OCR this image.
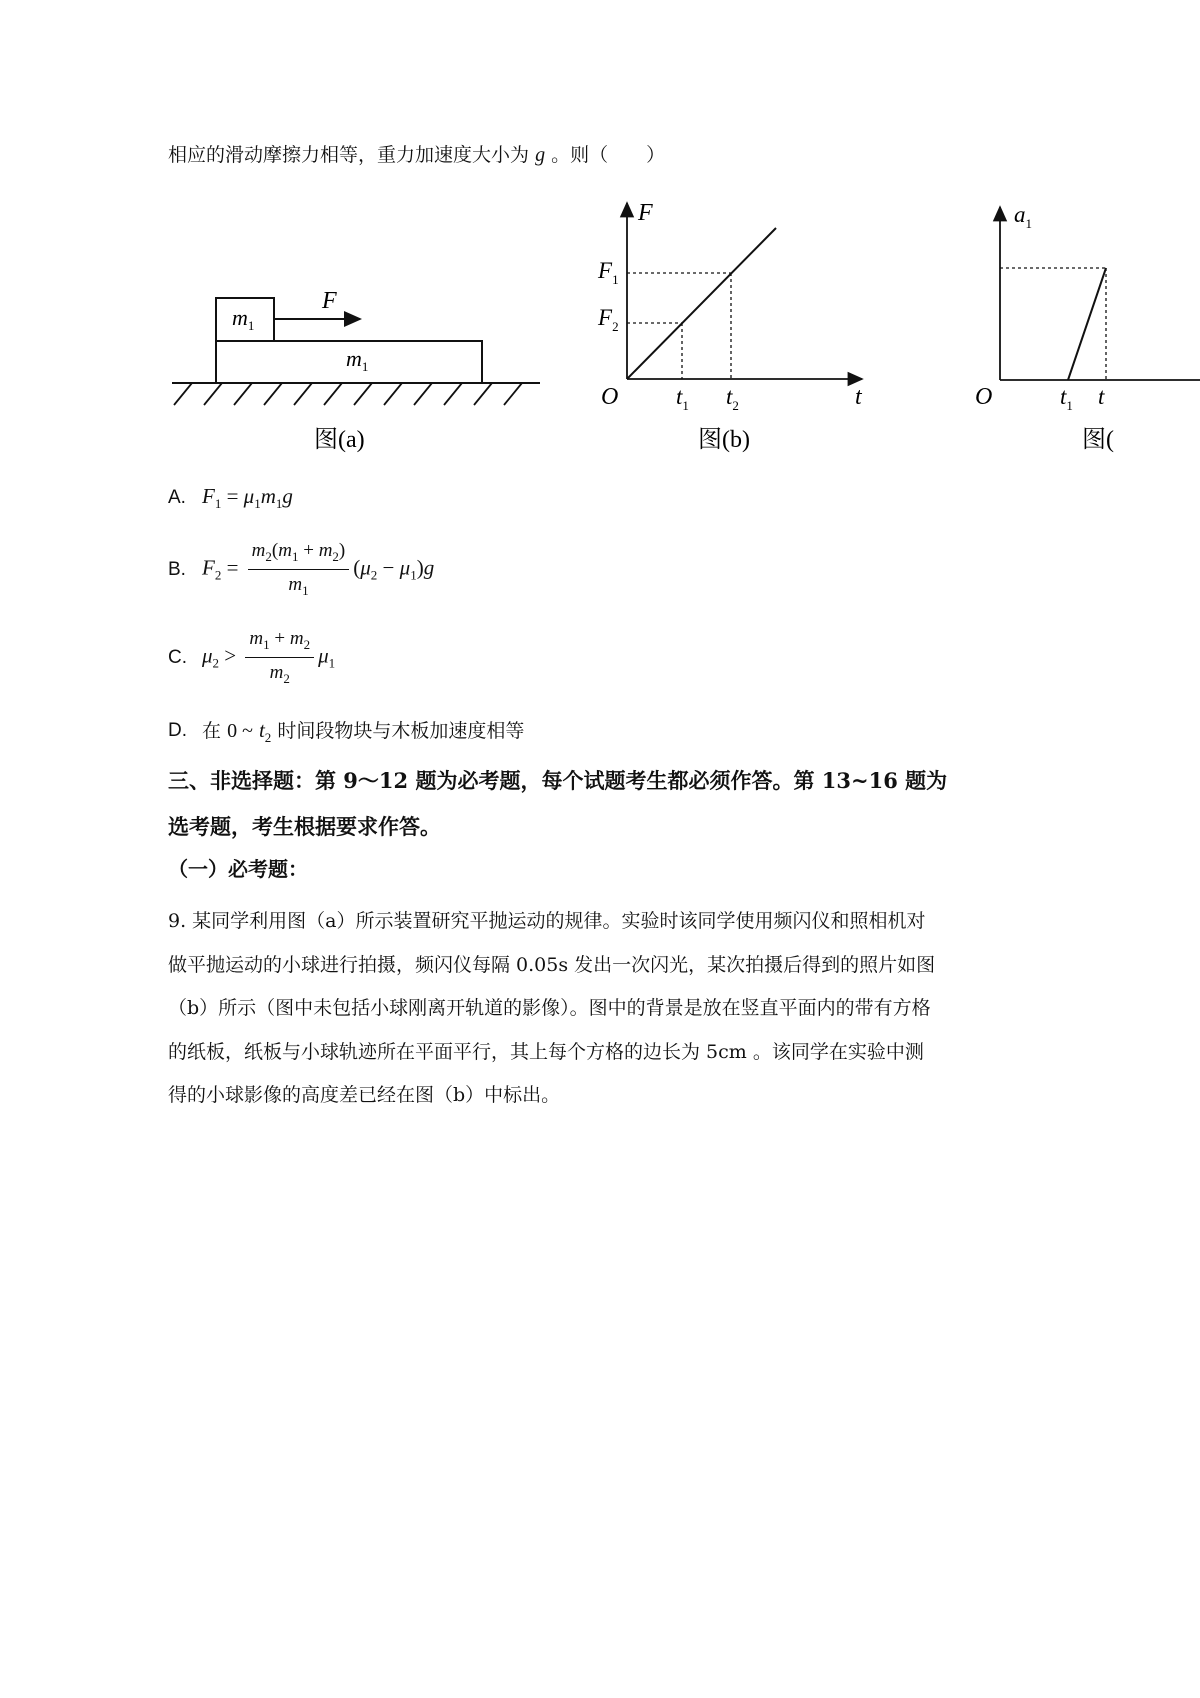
相应的滑动摩擦力相等，重力加速度大小为 g 。则（　　）
$m_1$
$m_1$
F
图(a)
F
t
O
$F_1$
$F_2$
$t_1$ $t_2$
图(b)
$a_1$
O	$t_1$ t
图(
A. $F_1 = \mu_1m_1g$
B. $F_2 = \frac{m_2(m_1 + m_2)}{m_1} (\mu_2 - \mu_1)g$
C. $\mu_2 > \frac{m_1 + m_2}{m_2} \mu_1$
D. 在 0 ~ $t_2$ 时间段物块与木板加速度相等
三、非选择题：第 9～12 题为必考题，每个试题考生都必须作答。第 13~16 题为
选考题，考生根据要求作答。
（一）必考题：
9. 某同学利用图（a）所示装置研究平抛运动的规律。实验时该同学使用频闪仪和照相机对
做平抛运动的小球进行拍摄，频闪仪每隔 0.05s 发出一次闪光，某次拍摄后得到的照片如图
（b）所示（图中未包括小球刚离开轨道的影像）。图中的背景是放在竖直平面内的带有方格
的纸板，纸板与小球轨迹所在平面平行，其上每个方格的边长为 5cm 。该同学在实验中测
得的小球影像的高度差已经在图（b）中标出。
